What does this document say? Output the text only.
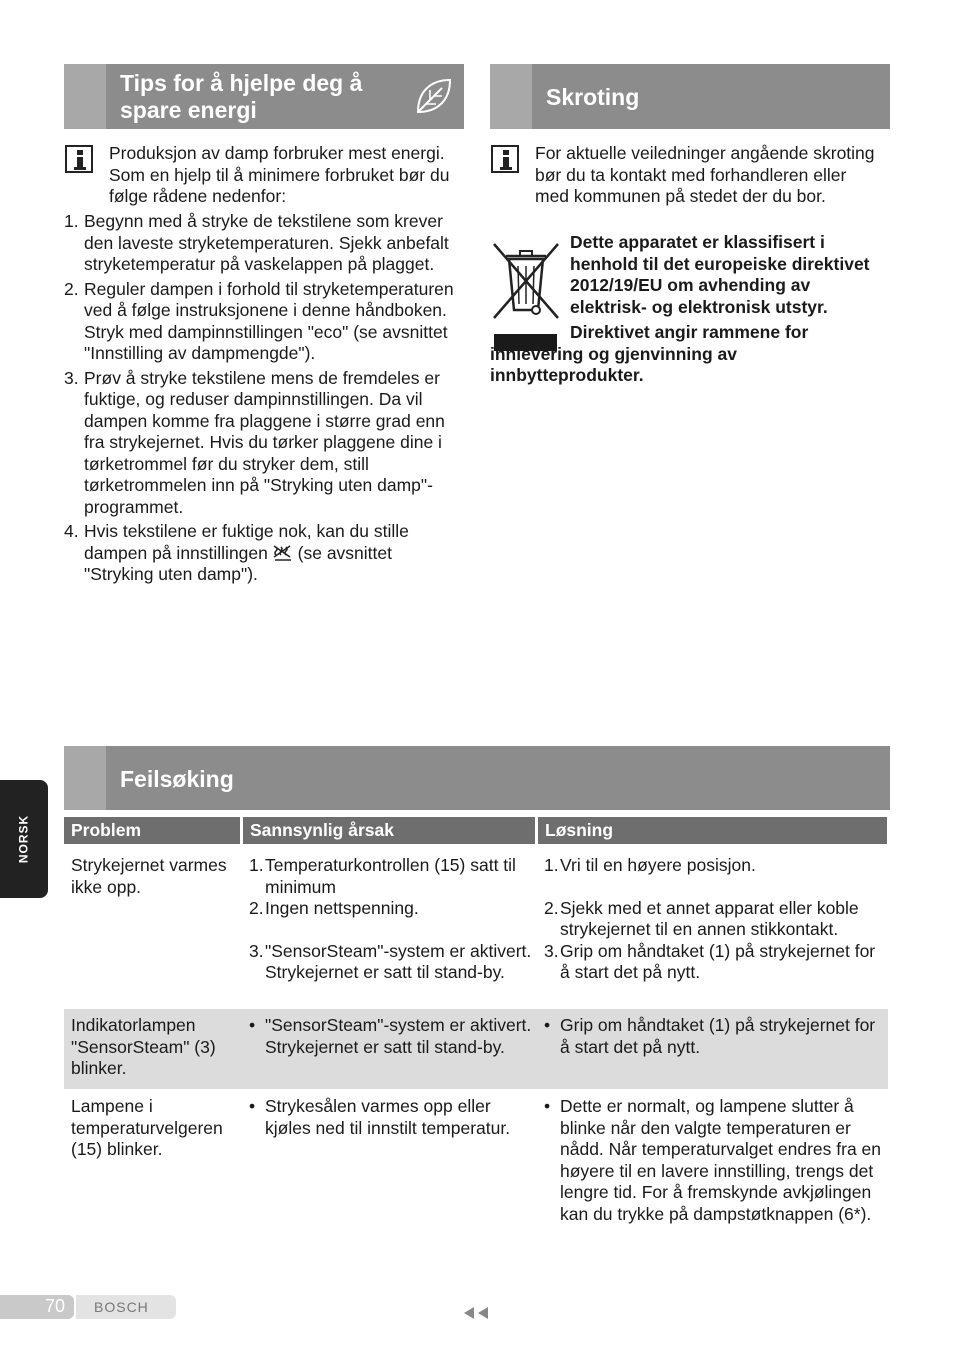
Tips for å hjelpe deg å
spare energi
Produksjon av damp forbruker mest energi. Som en hjelp til å minimere forbruket bør du følge rådene nedenfor:
1. Begynn med å stryke de tekstilene som krever den laveste stryketemperaturen. Sjekk anbefalt stryketemperatur på vaskelappen på plagget.
2. Reguler dampen i forhold til stryketemperaturen ved å følge instruksjonene i denne håndboken. Stryk med dampinnstillingen "eco" (se avsnittet "Innstilling av dampmengde").
3. Prøv å stryke tekstilene mens de fremdeles er fuktige, og reduser dampinnstillingen. Da vil dampen komme fra plaggene i større grad enn fra strykejernet. Hvis du tørker plaggene dine i tørketrommel før du stryker dem, still tørketrommelen inn på "Stryking uten damp"-programmet.
4. Hvis tekstilene er fuktige nok, kan du stille dampen på innstillingen (se avsnittet "Stryking uten damp").
Skroting
For aktuelle veiledninger angående skroting bør du ta kontakt med forhandleren eller med kommunen på stedet der du bor.
Dette apparatet er klassifisert i henhold til det europeiske direktivet 2012/19/EU om avhending av elektrisk- og elektronisk utstyr.
Direktivet angir rammene for innlevering og gjenvinning av innbytteprodukter.
Feilsøking
Problem	Sannsynlig årsak	Løsning
Strykejernet varmes ikke opp.
1. Temperaturkontrollen (15) satt til minimum
2. Ingen nettspenning.
3. "SensorSteam"-system er aktivert. Strykejernet er satt til stand-by.
1. Vri til en høyere posisjon.
2. Sjekk med et annet apparat eller koble strykejernet til en annen stikkontakt.
3. Grip om håndtaket (1) på strykejernet for å start det på nytt.
Indikatorlampen "SensorSteam" (3) blinker.
• "SensorSteam"-system er aktivert. Strykejernet er satt til stand-by.
• Grip om håndtaket (1) på strykejernet for å start det på nytt.
Lampene i temperaturvelgeren (15) blinker.
• Strykesålen varmes opp eller kjøles ned til innstilt temperatur.
• Dette er normalt, og lampene slutter å blinke når den valgte temperaturen er nådd. Når temperaturvalget endres fra en høyere til en lavere innstilling, trengs det lengre tid. For å fremskynde avkjølingen kan du trykke på dampstøtknappen (6*).
NORSK
70 BOSCH
